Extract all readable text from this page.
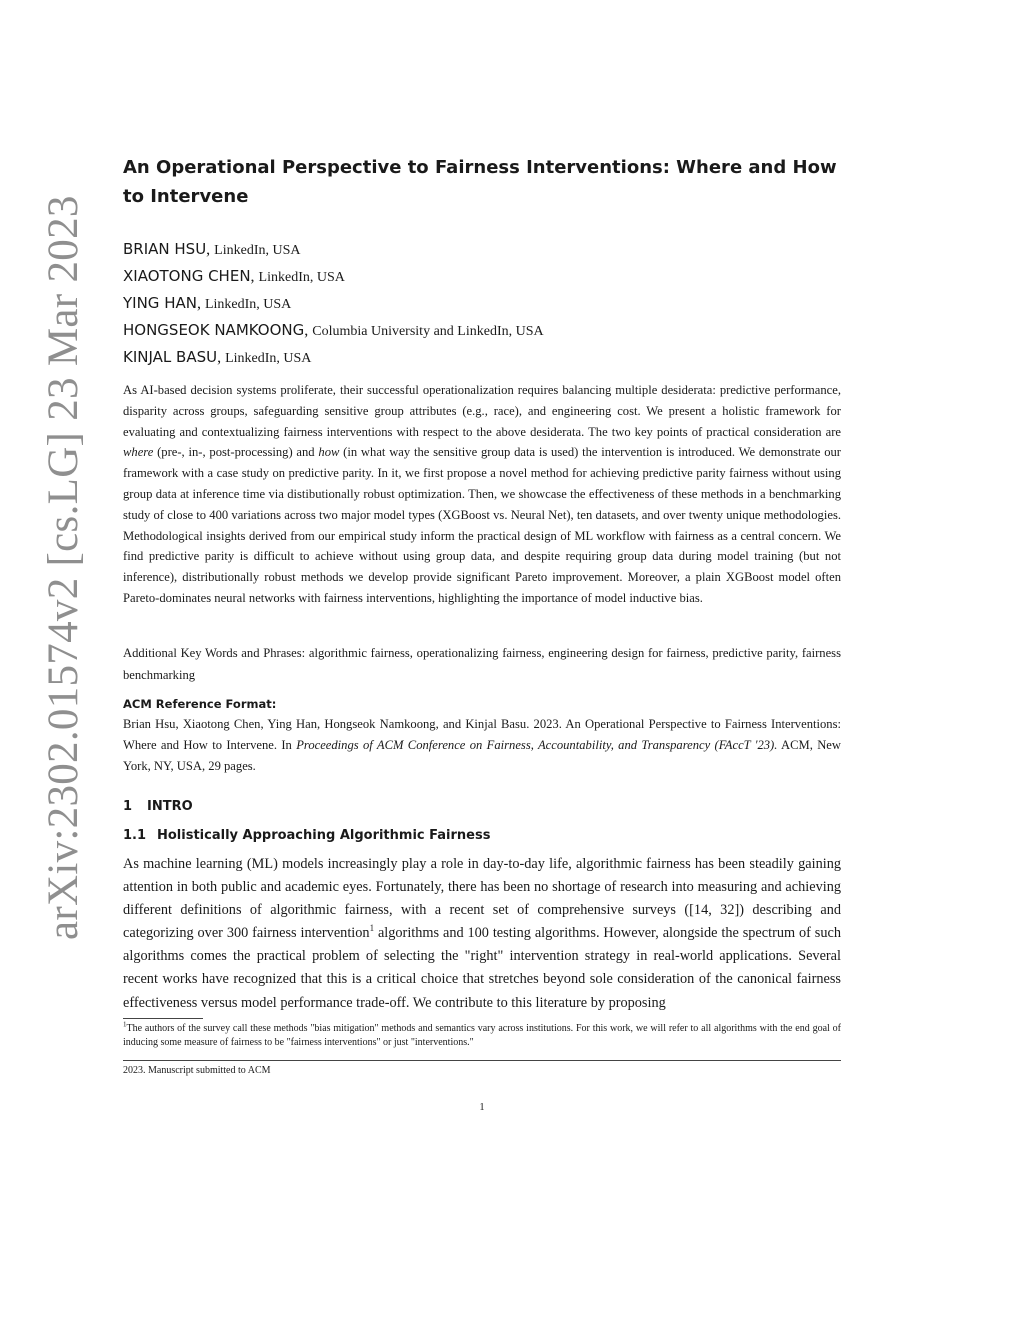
arXiv:2302.01574v2 [cs.LG] 23 Mar 2023
An Operational Perspective to Fairness Interventions: Where and How to Intervene
BRIAN HSU, LinkedIn, USA
XIAOTONG CHEN, LinkedIn, USA
YING HAN, LinkedIn, USA
HONGSEOK NAMKOONG, Columbia University and LinkedIn, USA
KINJAL BASU, LinkedIn, USA

As AI-based decision systems proliferate, their successful operationalization requires balancing multiple desiderata: predictive performance, disparity across groups, safeguarding sensitive group attributes (e.g., race), and engineering cost. We present a holistic framework for evaluating and contextualizing fairness interventions with respect to the above desiderata. The two key points of practical consideration are where (pre-, in-, post-processing) and how (in what way the sensitive group data is used) the intervention is introduced. We demonstrate our framework with a case study on predictive parity. In it, we first propose a novel method for achieving predictive parity fairness without using group data at inference time via distibutionally robust optimization. Then, we showcase the effectiveness of these methods in a benchmarking study of close to 400 variations across two major model types (XGBoost vs. Neural Net), ten datasets, and over twenty unique methodologies. Methodological insights derived from our empirical study inform the practical design of ML workflow with fairness as a central concern. We find predictive parity is difficult to achieve without using group data, and despite requiring group data during model training (but not inference), distributionally robust methods we develop provide significant Pareto improvement. Moreover, a plain XGBoost model often Pareto-dominates neural networks with fairness interventions, highlighting the importance of model inductive bias.

Additional Key Words and Phrases: algorithmic fairness, operationalizing fairness, engineering design for fairness, predictive parity, fairness benchmarking

ACM Reference Format:

Brian Hsu, Xiaotong Chen, Ying Han, Hongseok Namkoong, and Kinjal Basu. 2023. An Operational Perspective to Fairness Interventions: Where and How to Intervene. In Proceedings of ACM Conference on Fairness, Accountability, and Transparency (FAccT '23). ACM, New York, NY, USA, 29 pages.

1 INTRO
1.1 Holistically Approaching Algorithmic Fairness

As machine learning (ML) models increasingly play a role in day-to-day life, algorithmic fairness has been steadily gaining attention in both public and academic eyes. Fortunately, there has been no shortage of research into measuring and achieving different definitions of algorithmic fairness, with a recent set of comprehensive surveys ([14, 32]) describing and categorizing over 300 fairness intervention$^1$ algorithms and 100 testing algorithms. However, alongside the spectrum of such algorithms comes the practical problem of selecting the "right" intervention strategy in real-world applications. Several recent works have recognized that this is a critical choice that stretches beyond sole consideration of the canonical fairness effectiveness versus model performance trade-off. We contribute to this literature by proposing

$^1$The authors of the survey call these methods "bias mitigation" methods and semantics vary across institutions. For this work, we will refer to all algorithms with the end goal of inducing some measure of fairness to be "fairness interventions" or just "interventions."

2023. Manuscript submitted to ACM

1
